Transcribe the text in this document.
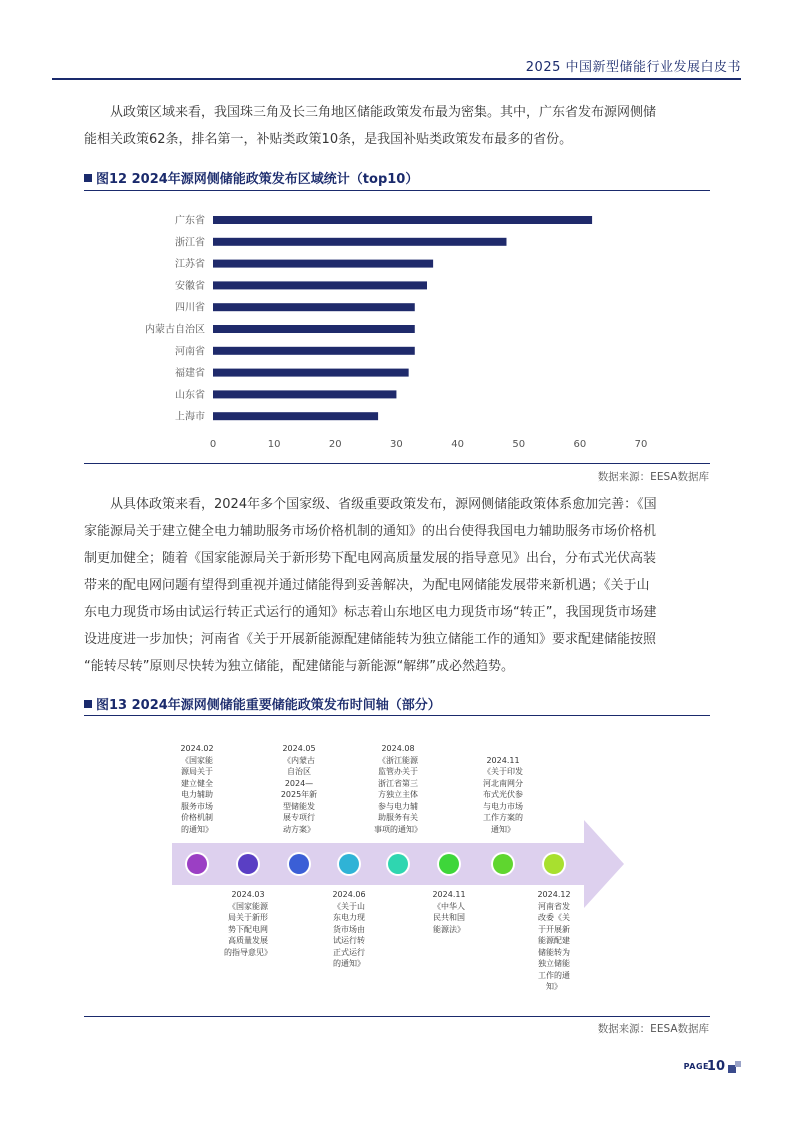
2025 中国新型储能行业发展白皮书
从政策区域来看，我国珠三角及长三角地区储能政策发布最为密集。其中，广东省发布源网侧储
能相关政策62条，排名第一，补贴类政策10条，是我国补贴类政策发布最多的省份。
图12 2024年源网侧储能政策发布区域统计（top10）
广东省
浙江省
江苏省
安徽省
四川省
内蒙古自治区
河南省
福建省
山东省
上海市
0	10	20	30	40	50	60	70
数据来源：EESA数据库
从具体政策来看，2024年多个国家级、省级重要政策发布，源网侧储能政策体系愈加完善：《国
家能源局关于建立健全电力辅助服务市场价格机制的通知》的出台使得我国电力辅助服务市场价格机
制更加健全；随着《国家能源局关于新形势下配电网高质量发展的指导意见》出台，分布式光伏高装
带来的配电网问题有望得到重视并通过储能得到妥善解决，为配电网储能发展带来新机遇；《关于山
东电力现货市场由试运行转正式运行的通知》标志着山东地区电力现货市场“转正”，我国现货市场建
设进度进一步加快；河南省《关于开展新能源配建储能转为独立储能工作的通知》要求配建储能按照
“能转尽转”原则尽快转为独立储能，配建储能与新能源“解绑”成必然趋势。
图13 2024年源网侧储能重要储能政策发布时间轴（部分）
2024.02
《国家能
源局关于
建立健全
电力辅助
服务市场
价格机制
的通知》
2024.05
《内蒙古
自治区
2024—
2025年新
型储能发
展专项行
动方案》
2024.08
《浙江能源
监管办关于
浙江省第三
方独立主体
参与电力辅
助服务有关
事项的通知》
2024.11
《关于印发
河北南网分
布式光伏参
与电力市场
工作方案的
通知》
2024.03
《国家能源
局关于新形
势下配电网
高质量发展
的指导意见》
2024.06
《关于山
东电力现
货市场由
试运行转
正式运行
的通知》
2024.11
《中华人
民共和国
能源法》
2024.12
河南省发
改委《关
于开展新
能源配建
储能转为
独立储能
工作的通
知》
数据来源：EESA数据库
PAGE
10
